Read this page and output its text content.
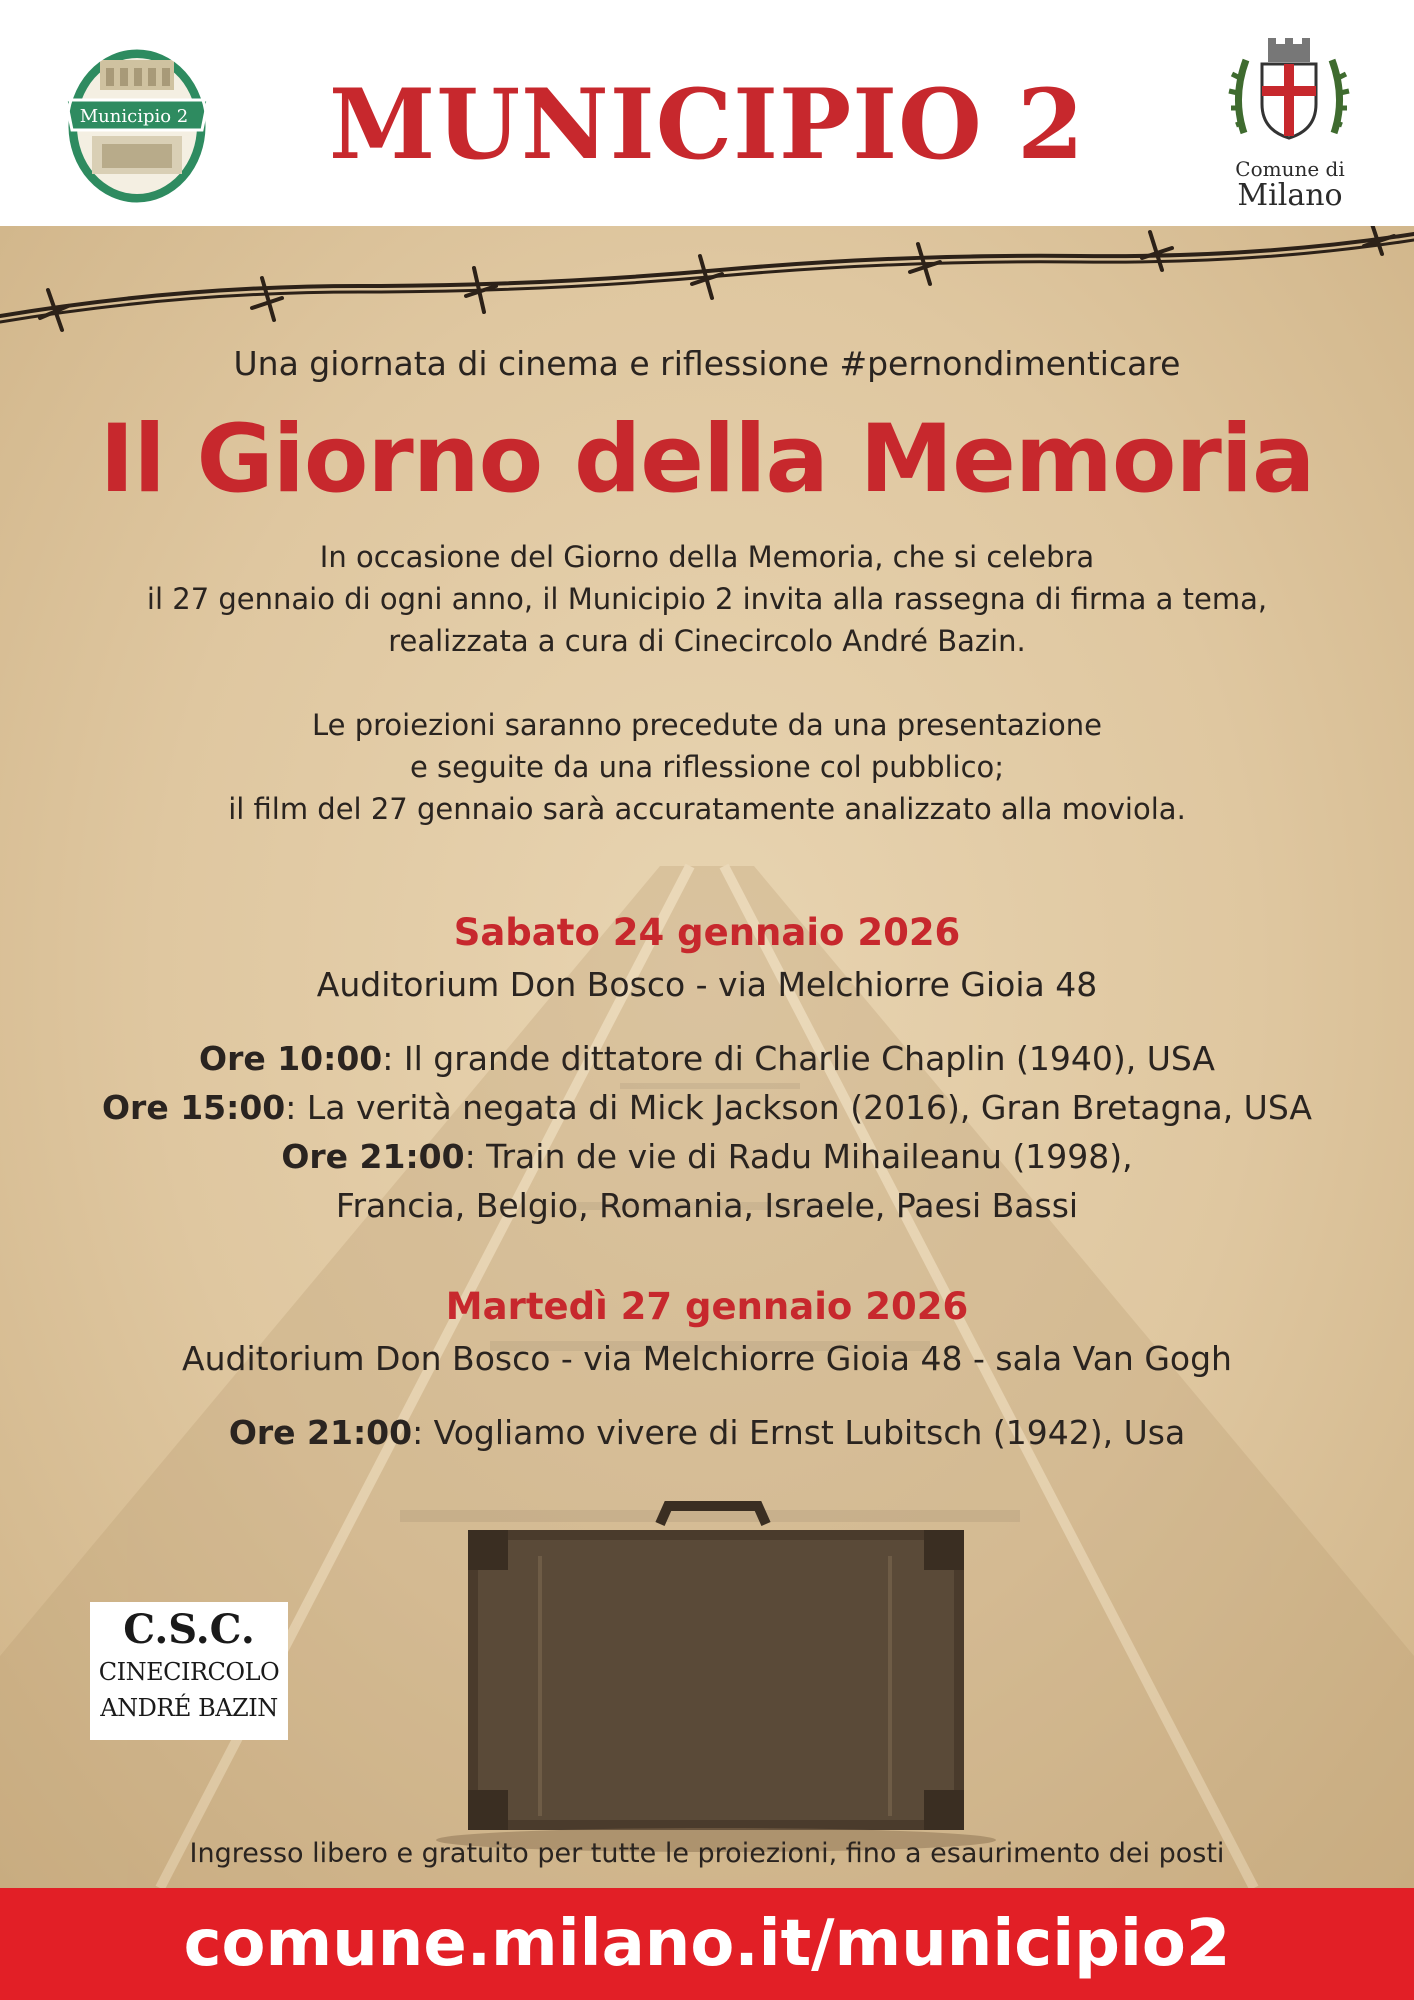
Municipio 2	MUNICIPIO 2	Comune di
Milano
Una giornata di cinema e riflessione #pernondimenticare
Il Giorno della Memoria
In occasione del Giorno della Memoria, che si celebra
il 27 gennaio di ogni anno, il Municipio 2 invita alla rassegna di firma a tema,
realizzata a cura di Cinecircolo André Bazin.
Le proiezioni saranno precedute da una presentazione
e seguite da una riflessione col pubblico;
il film del 27 gennaio sarà accuratamente analizzato alla moviola.
Sabato 24 gennaio 2026
Auditorium Don Bosco - via Melchiorre Gioia 48
Ore 10:00: Il grande dittatore di Charlie Chaplin (1940), USA
Ore 15:00: La verità negata di Mick Jackson (2016), Gran Bretagna, USA
Ore 21:00: Train de vie di Radu Mihaileanu (1998),
Francia, Belgio, Romania, Israele, Paesi Bassi
Martedì 27 gennaio 2026
Auditorium Don Bosco - via Melchiorre Gioia 48 - sala Van Gogh
Ore 21:00: Vogliamo vivere di Ernst Lubitsch (1942), Usa
C.S.C.
CINECIRCOLO
ANDRÉ BAZIN
Ingresso libero e gratuito per tutte le proiezioni, fino a esaurimento dei posti
comune.milano.it/municipio2
